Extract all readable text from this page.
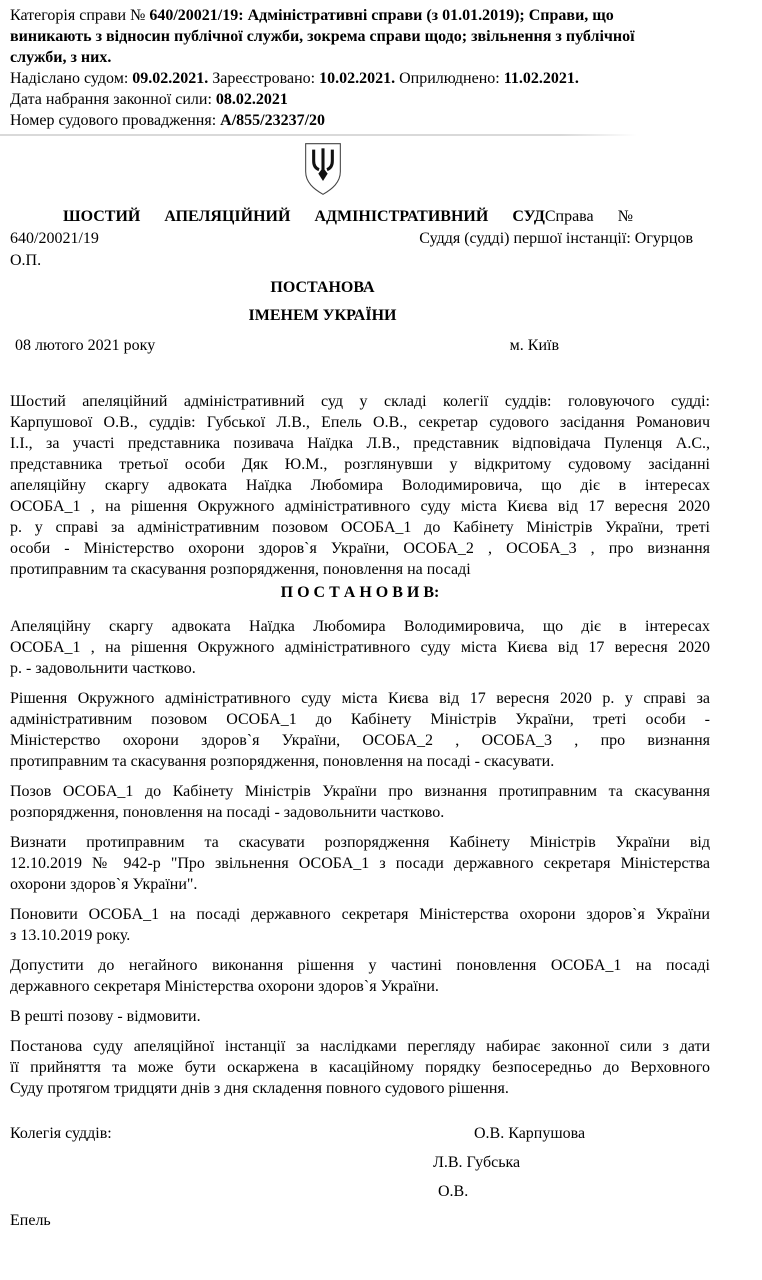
Категорія справи № 640/20021/19: Адміністративні справи (з 01.01.2019); Справи, що
виникають з відносин публічної служби, зокрема справи щодо; звільнення з публічної
служби, з них.
Надіслано судом: 09.02.2021. Зареєстровано: 10.02.2021. Оприлюднено: 11.02.2021.
Дата набрання законної сили: 08.02.2021
Номер судового провадження: А/855/23237/20
ШОСТИЙ АПЕЛЯЦІЙНИЙ АДМІНІСТРАТИВНИЙ СУДСправа №
640/20021/19	Суддя (судді) першої інстанції: Огурцов
О.П.
ПОСТАНОВА
ІМЕНЕМ УКРАЇНИ
08 лютого 2021 року	м. Київ
Шостий апеляційний адміністративний суд у складі колегії суддів: головуючого судді:
Карпушової О.В., суддів: Губської Л.В., Епель О.В., секретар судового засідання Романович
І.І., за участі представника позивача Наїдка Л.В., представник відповідача Пуленця А.С.,
представника третьої особи Дяк Ю.М., розглянувши у відкритому судовому засіданні
апеляційну скаргу адвоката Наїдка Любомира Володимировича, що діє в інтересах
ОСОБА_1 , на рішення Окружного адміністративного суду міста Києва від 17 вересня 2020
р. у справі за адміністративним позовом ОСОБА_1 до Кабінету Міністрів України, треті
особи - Міністерство охорони здоров`я України, ОСОБА_2 , ОСОБА_3 , про визнання
протиправним та скасування розпорядження, поновлення на посаді
П О С Т А Н О В И В:
Апеляційну скаргу адвоката Наїдка Любомира Володимировича, що діє в інтересах
ОСОБА_1 , на рішення Окружного адміністративного суду міста Києва від 17 вересня 2020
р. - задовольнити частково.
Рішення Окружного адміністративного суду міста Києва від 17 вересня 2020 р. у справі за
адміністративним позовом ОСОБА_1 до Кабінету Міністрів України, треті особи -
Міністерство охорони здоров`я України, ОСОБА_2 , ОСОБА_3 , про визнання
протиправним та скасування розпорядження, поновлення на посаді - скасувати.
Позов ОСОБА_1 до Кабінету Міністрів України про визнання протиправним та скасування
розпорядження, поновлення на посаді - задовольнити частково.
Визнати протиправним та скасувати розпорядження Кабінету Міністрів України від
12.10.2019 № 942-р "Про звільнення ОСОБА_1 з посади державного секретаря Міністерства
охорони здоров`я України".
Поновити ОСОБА_1 на посаді державного секретаря Міністерства охорони здоров`я України
з 13.10.2019 року.
Допустити до негайного виконання рішення у частині поновлення ОСОБА_1 на посаді
державного секретаря Міністерства охорони здоров`я України.
В решті позову - відмовити.
Постанова суду апеляційної інстанції за наслідками перегляду набирає законної сили з дати
її прийняття та може бути оскаржена в касаційному порядку безпосередньо до Верховного
Суду протягом тридцяти днів з дня складення повного судового рішення.
Колегія суддів:	О.В. Карпушова
Л.В. Губська
О.В.
Епель
